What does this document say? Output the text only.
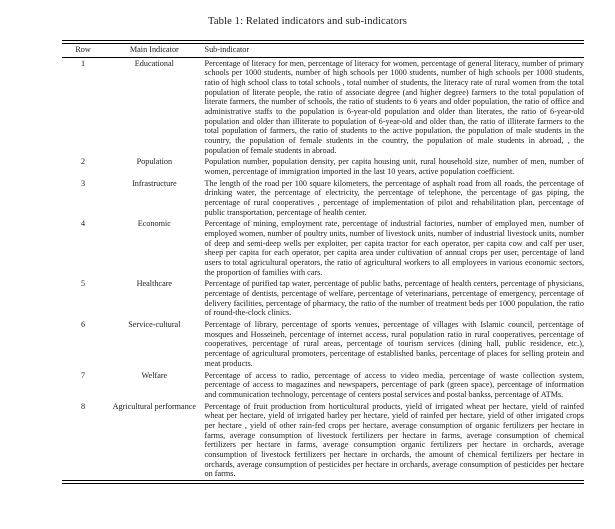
Table 1: Related indicators and sub-indicators
Row	Main Indicator	Sub-indicator
1	Educational	Percentage of literacy for men, percentage of literacy for women, percentage of general literacy, number of primary schools per 1000 students, number of high schools per 1000 students, number of high schools per 1000 students, ratio of high school class to total schools , total number of students, the literacy rate of rural women from the total population of literate people, the ratio of associate degree (and higher degree) farmers to the total population of literate farmers, the number of schools, the ratio of students to 6 years and older population, the ratio of office and administrative staffs to the population is 6-year-old population and older than literates, the ratio of 6-year-old population and older than illiterate to population of 6-year-old and older than, the ratio of illiterate farmers to the total population of farmers, the ratio of students to the active population, the population of male students in the country, the population of female students in the country, the population of male students in abroad, , the population of female students in abroad.
2	Population	Population number, population density, per capita housing unit, rural household size, number of men, number of women, percentage of immigration imported in the last 10 years, active population coefficient.
3	Infrastructure	The length of the road per 100 square kilometers, the percentage of asphalt road from all roads, the percentage of drinking water, the percentage of electricity, the percentage of telephone, the percentage of gas piping, the percentage of rural cooperatives , percentage of implementation of pilot and rehabilitation plan, percentage of public transportation, percentage of health center.
4	Economic	Percentage of mining, employment rate, percentage of industrial factories, number of employed men, number of employed women, number of poultry units, number of livestock units, number of industrial livestock units, number of deep and semi-deep wells per exploiter, per capita tractor for each operator, per capita cow and calf per user, sheep per capita for each operator, per capita area under cultivation of annual crops per user, percentage of land users to total agricultural operators, the ratio of agricultural workers to all employees in various economic sectors, the proportion of families with cars.
5	Healthcare	Percentage of purified tap water, percentage of public baths, percentage of health centers, percentage of physicians, percentage of dentists, percentage of welfare, percentage of veterinarians, percentage of emergency, percentage of delivery facilities, percentage of pharmacy, the ratio of the number of treatment beds per 1000 population, the ratio of round-the-clock clinics.
6	Service-cultural	Percentage of library, percentage of sports venues, percentage of villages with Islamic council, percentage of mosques and Hosseineh, percentage of internet access, rural population ratio in rural cooperatives, percentage of cooperatives, percentage of rural areas, percentage of tourism services (dining hall, public residence, etc.), percentage of agricultural promoters, percentage of established banks, percentage of places for selling protein and meat products.
7	Welfare	Percentage of access to radio, percentage of access to video media, percentage of waste collection system, percentage of access to magazines and newspapers, percentage of park (green space), percentage of information and communication technology, percentage of centers postal services and postal bankss, percentage of ATMs.
8	Agricultural performance	Percentage of fruit production from horticultural products, yield of irrigated wheat per hectare, yield of rainfed wheat per hectare, yield of irrigated barley per hectare, yield of rainfed per hectare, yield of other irrigated crops per hectare , yield of other rain-fed crops per hectare, average consumption of organic fertilizers per hectare in farms, average consumption of livestock fertilizers per hectare in farms, average consumption of chemical fertilizers per hectare in farms, average consumption organic fertilizers per hectare in orchards, average consumption of livestock fertilizers per hectare in orchards, the amount of chemical fertilizers per hectare in orchards, average consumption of pesticides per hectare in orchards, average consumption of pesticides per hectare on farms.
